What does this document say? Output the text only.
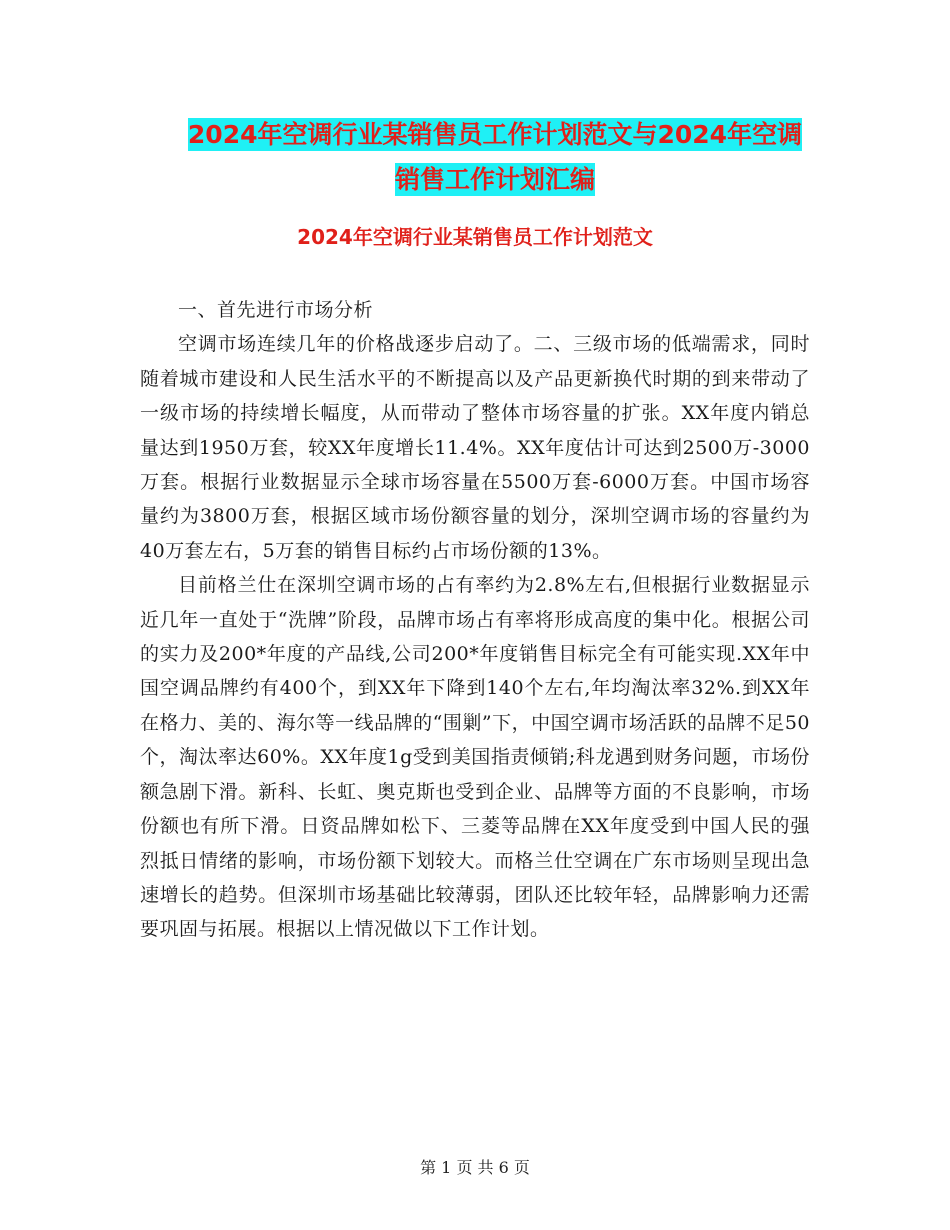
2024年空调行业某销售员工作计划范文与2024年空调
销售工作计划汇编
2024年空调行业某销售员工作计划范文

一、首先进行市场分析

空调市场连续几年的价格战逐步启动了。二、三级市场的低端需求，同时随着城市建设和人民生活水平的不断提高以及产品更新换代时期的到来带动了一级市场的持续增长幅度，从而带动了整体市场容量的扩张。XX年度内销总量达到1950万套，较XX年度增长11.4%。XX年度估计可达到2500万-3000万套。根据行业数据显示全球市场容量在5500万套-6000万套。中国市场容量约为3800万套，根据区域市场份额容量的划分，深圳空调市场的容量约为40万套左右，5万套的销售目标约占市场份额的13%。

目前格兰仕在深圳空调市场的占有率约为2.8%左右,但根据行业数据显示近几年一直处于“洗牌”阶段，品牌市场占有率将形成高度的集中化。根据公司的实力及200*年度的产品线,公司200*年度销售目标完全有可能实现.XX年中国空调品牌约有400个，到XX年下降到140个左右,年均淘汰率32%.到XX年在格力、美的、海尔等一线品牌的“围剿”下，中国空调市场活跃的品牌不足50个，淘汰率达60%。XX年度1g受到美国指责倾销;科龙遇到财务问题，市场份额急剧下滑。新科、长虹、奥克斯也受到企业、品牌等方面的不良影响，市场份额也有所下滑。日资品牌如松下、三菱等品牌在XX年度受到中国人民的强烈抵日情绪的影响，市场份额下划较大。而格兰仕空调在广东市场则呈现出急速增长的趋势。但深圳市场基础比较薄弱，团队还比较年轻，品牌影响力还需要巩固与拓展。根据以上情况做以下工作计划。

第 1 页 共 6 页
